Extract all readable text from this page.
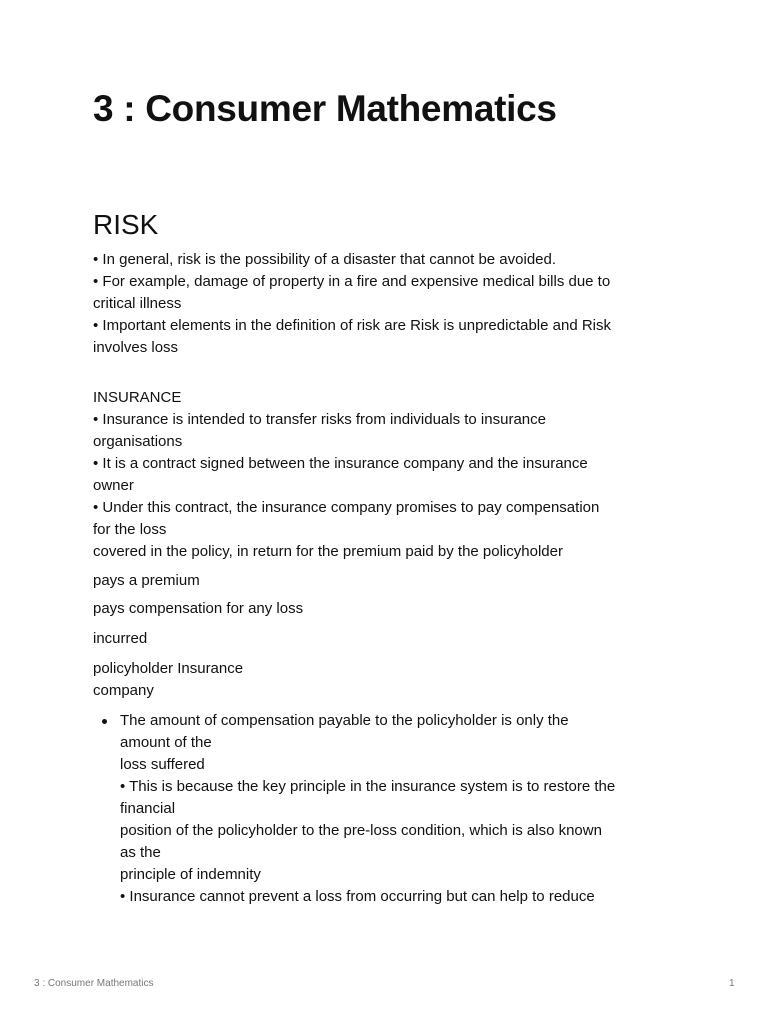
3 : Consumer Mathematics
RISK
• In general, risk is the possibility of a disaster that cannot be avoided.
• For example, damage of property in a fire and expensive medical bills due to
critical illness
• Important elements in the definition of risk are Risk is unpredictable and Risk
involves loss
INSURANCE
• Insurance is intended to transfer risks from individuals to insurance
organisations
• It is a contract signed between the insurance company and the insurance
owner
• Under this contract, the insurance company promises to pay compensation
for the loss
covered in the policy, in return for the premium paid by the policyholder

pays a premium

pays compensation for any loss

incurred

policyholder Insurance
company
The amount of compensation payable to the policyholder is only the
amount of the
loss suffered
• This is because the key principle in the insurance system is to restore the
financial
position of the policyholder to the pre-loss condition, which is also known
as the
principle of indemnity
• Insurance cannot prevent a loss from occurring but can help to reduce
3 : Consumer Mathematics	1
